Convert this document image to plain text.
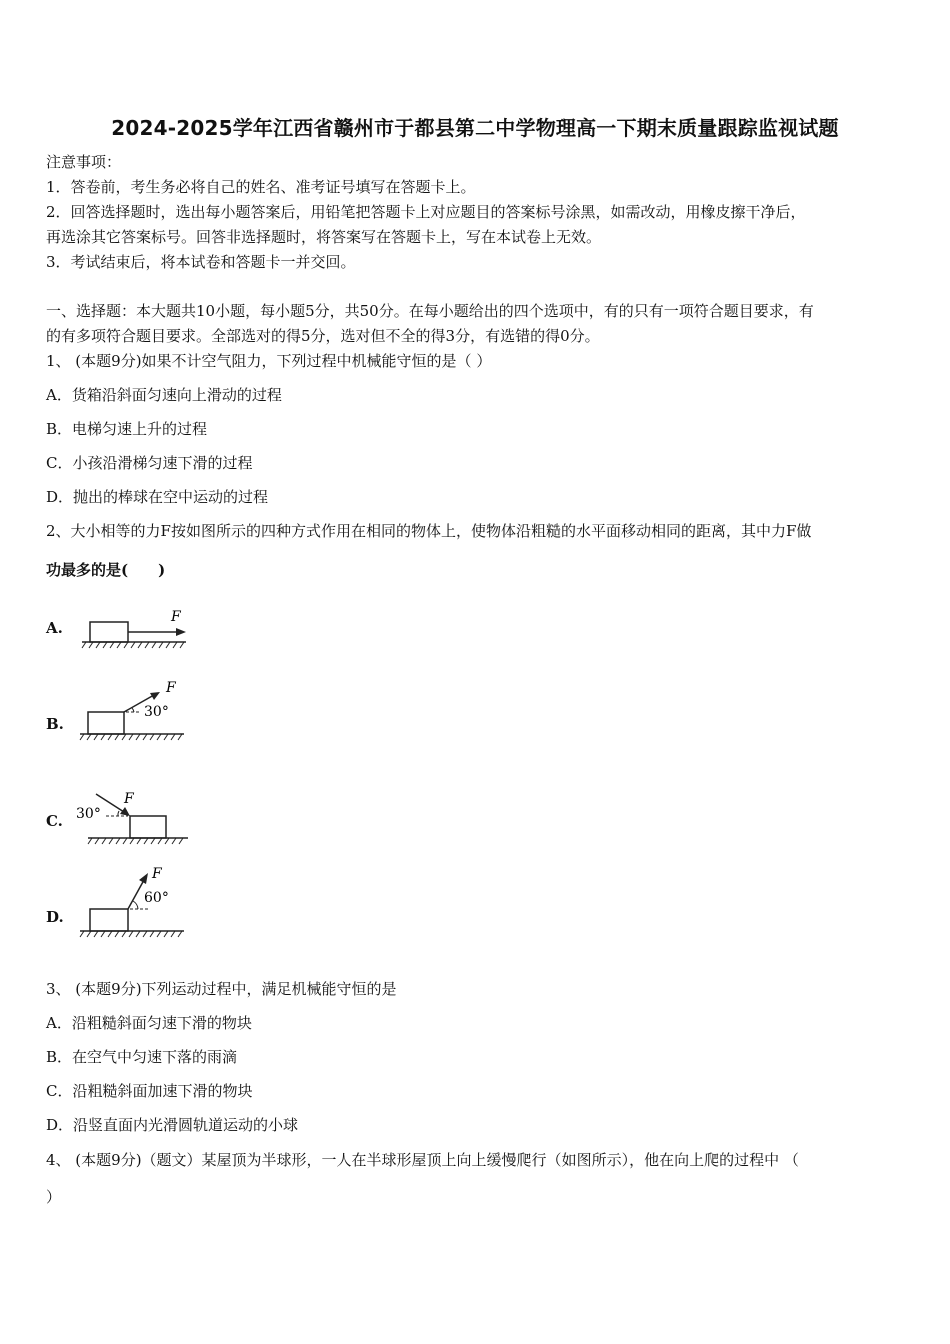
2024-2025学年江西省赣州市于都县第二中学物理高一下期末质量跟踪监视试题
注意事项：
1．答卷前，考生务必将自己的姓名、准考证号填写在答题卡上。
2．回答选择题时，选出每小题答案后，用铅笔把答题卡上对应题目的答案标号涂黑，如需改动，用橡皮擦干净后，
再选涂其它答案标号。回答非选择题时，将答案写在答题卡上，写在本试卷上无效。
3．考试结束后，将本试卷和答题卡一并交回。
一、选择题：本大题共10小题，每小题5分，共50分。在每小题给出的四个选项中，有的只有一项符合题目要求，有
的有多项符合题目要求。全部选对的得5分，选对但不全的得3分，有选错的得0分。
1、 (本题9分)如果不计空气阻力，下列过程中机械能守恒的是（ ）
A．货箱沿斜面匀速向上滑动的过程
B．电梯匀速上升的过程
C．小孩沿滑梯匀速下滑的过程
D．抛出的棒球在空中运动的过程
2、大小相等的力F按如图所示的四种方式作用在相同的物体上，使物体沿粗糙的水平面移动相同的距离，其中力F做
功最多的是(　　)
A.
F
B.
F
30°
C.
F
30°
D.
F
60°
3、 (本题9分)下列运动过程中，满足机械能守恒的是
A．沿粗糙斜面匀速下滑的物块
B．在空气中匀速下落的雨滴
C．沿粗糙斜面加速下滑的物块
D．沿竖直面内光滑圆轨道运动的小球
4、 (本题9分)（题文）某屋顶为半球形，一人在半球形屋顶上向上缓慢爬行（如图所示），他在向上爬的过程中 （
）
